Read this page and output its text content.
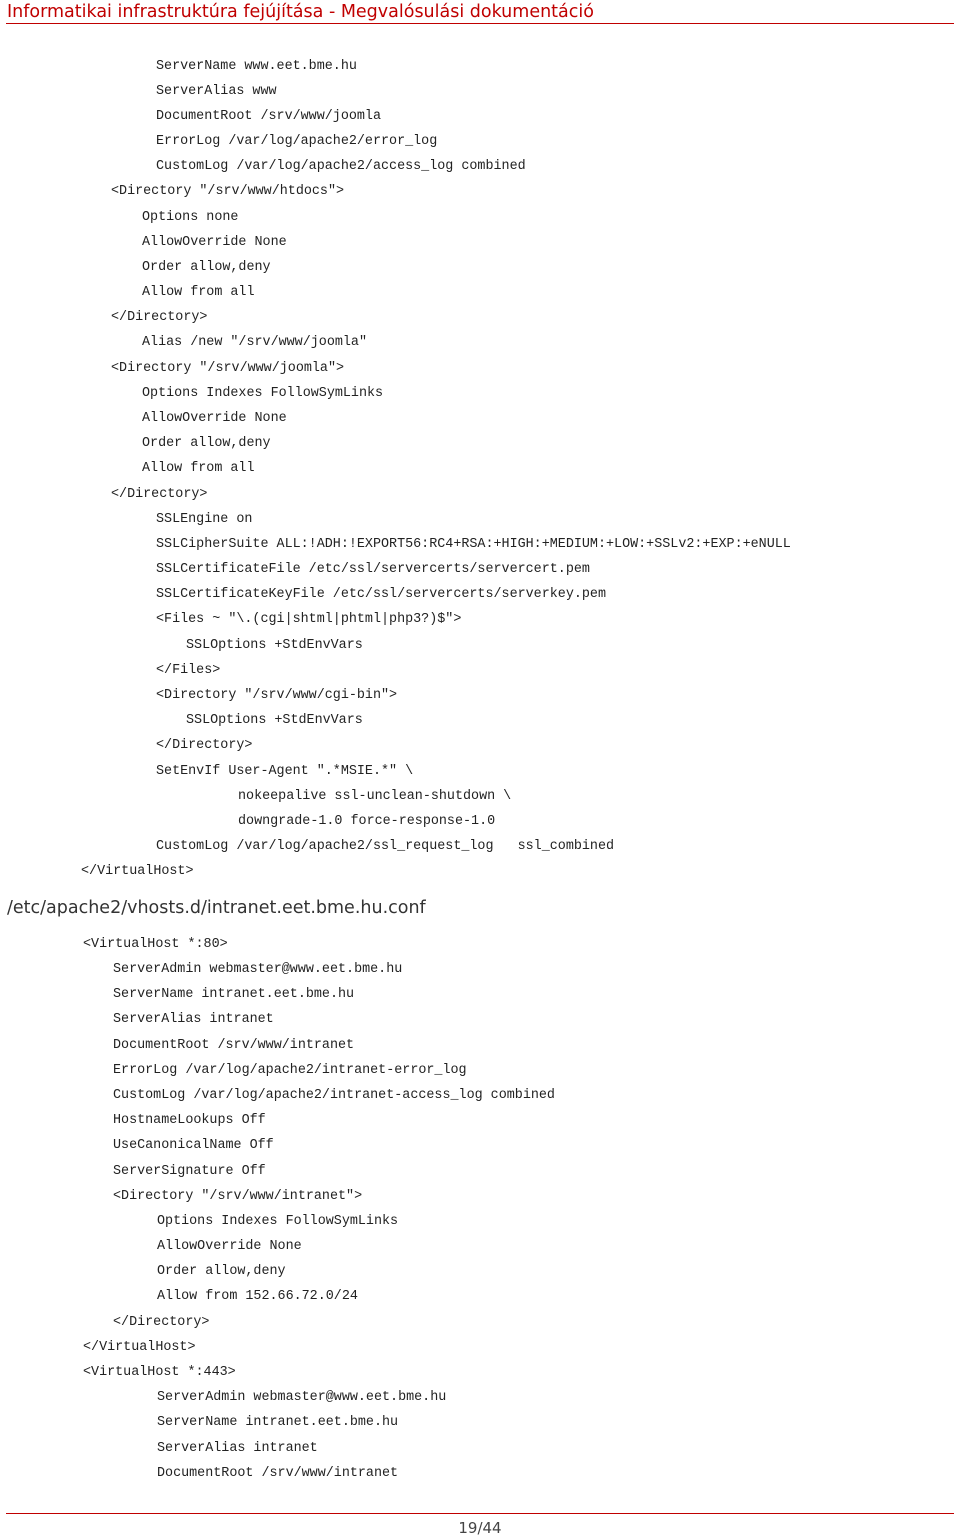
Informatikai infrastruktúra fejújítása - Megvalósulási dokumentáció
ServerName www.eet.bme.hu
ServerAlias www
DocumentRoot /srv/www/joomla
ErrorLog /var/log/apache2/error_log
CustomLog /var/log/apache2/access_log combined
<Directory "/srv/www/htdocs">
Options none
AllowOverride None
Order allow,deny
Allow from all
</Directory>
Alias /new "/srv/www/joomla"
<Directory "/srv/www/joomla">
Options Indexes FollowSymLinks
AllowOverride None
Order allow,deny
Allow from all
</Directory>
SSLEngine on
SSLCipherSuite ALL:!ADH:!EXPORT56:RC4+RSA:+HIGH:+MEDIUM:+LOW:+SSLv2:+EXP:+eNULL
SSLCertificateFile /etc/ssl/servercerts/servercert.pem
SSLCertificateKeyFile /etc/ssl/servercerts/serverkey.pem
<Files ~ "\.(cgi|shtml|phtml|php3?)$">
SSLOptions +StdEnvVars
</Files>
<Directory "/srv/www/cgi-bin">
SSLOptions +StdEnvVars
</Directory>
SetEnvIf User-Agent ".*MSIE.*" \
nokeepalive ssl-unclean-shutdown \
downgrade-1.0 force-response-1.0
CustomLog /var/log/apache2/ssl_request_log   ssl_combined
</VirtualHost>
/etc/apache2/vhosts.d/intranet.eet.bme.hu.conf
<VirtualHost *:80>
ServerAdmin webmaster@www.eet.bme.hu
ServerName intranet.eet.bme.hu
ServerAlias intranet
DocumentRoot /srv/www/intranet
ErrorLog /var/log/apache2/intranet-error_log
CustomLog /var/log/apache2/intranet-access_log combined
HostnameLookups Off
UseCanonicalName Off
ServerSignature Off
<Directory "/srv/www/intranet">
Options Indexes FollowSymLinks
AllowOverride None
Order allow,deny
Allow from 152.66.72.0/24
</Directory>
</VirtualHost>
<VirtualHost *:443>
ServerAdmin webmaster@www.eet.bme.hu
ServerName intranet.eet.bme.hu
ServerAlias intranet
DocumentRoot /srv/www/intranet
19/44
